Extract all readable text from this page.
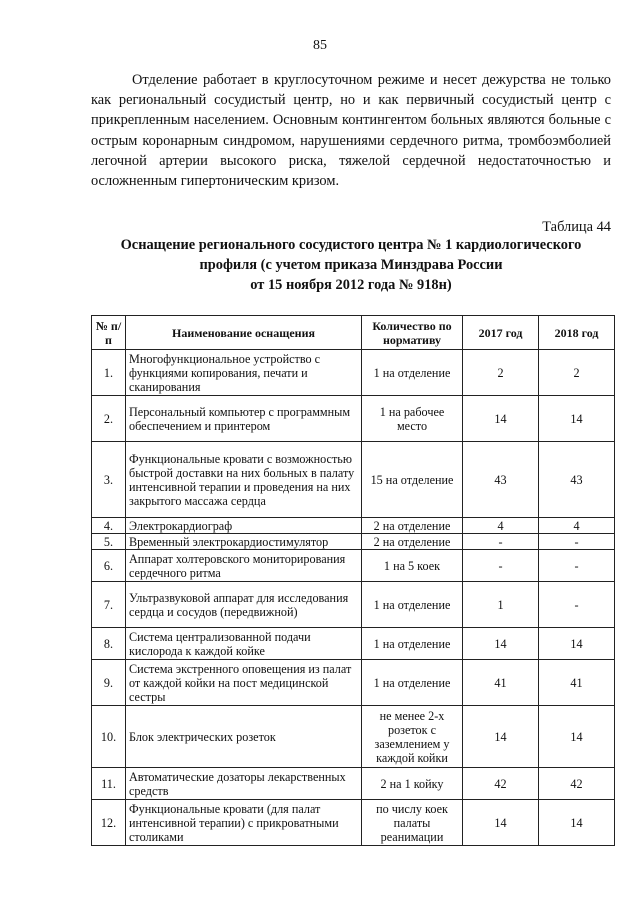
85

Отделение работает в круглосуточном режиме и несет дежурства не только как региональный сосудистый центр, но и как первичный сосудистый центр с прикрепленным населением. Основным контингентом больных являются больные с острым коронарным синдромом, нарушениями сердечного ритма, тромбоэмболией легочной артерии высокого риска, тяжелой сердечной недостаточностью и осложненным гипертоническим кризом.

Таблица 44
Оснащение регионального сосудистого центра № 1 кардиологического
профиля (с учетом приказа Минздрава России
от 15 ноября 2012 года № 918н)
№ п/п	Наименование оснащения	Количество по нормативу	2017 год	2018 год
1.	Многофункциональное устройство с функциями копирования, печати и сканирования	1 на отделение	2	2
2.	Персональный компьютер с программным обеспечением и принтером	1 на рабочее место	14	14
3.	Функциональные кровати с возможностью быстрой доставки на них больных в палату интенсивной терапии и проведения на них закрытого массажа сердца	15 на отделение	43	43
4.	Электрокардиограф	2 на отделение	4	4
5.	Временный электрокардиостимулятор	2 на отделение	-	-
6.	Аппарат холтеровского мониторирования сердечного ритма	1 на 5 коек	-	-
7.	Ультразвуковой аппарат для исследования сердца и сосудов (передвижной)	1 на отделение	1	-
8.	Система централизованной подачи кислорода к каждой койке	1 на отделение	14	14
9.	Система экстренного оповещения из палат от каждой койки на пост медицинской сестры	1 на отделение	41	41
10.	Блок электрических розеток	не менее 2-х розеток с заземлением у каждой койки	14	14
11.	Автоматические дозаторы лекарственных средств	2 на 1 койку	42	42
12.	Функциональные кровати (для палат интенсивной терапии) с прикроватными столиками	по числу коек палаты реанимации	14	14
